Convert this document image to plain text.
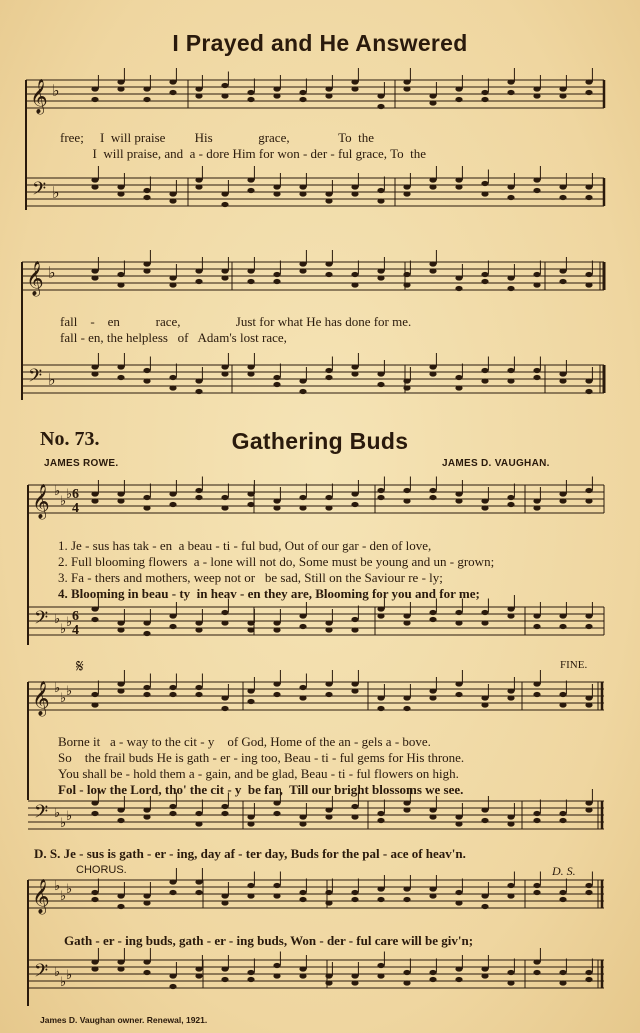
I Prayed and He Answered
𝄞 ♭
free;     I  will praise         His              grace,               To  the
I  will praise, and  a - dore Him for won - der - ful grace, To  the
𝄢 ♭
𝄞 ♭
fall    -    en           race,                 Just for what He has done for me.
fall - en, the helpless   of   Adam's lost race,
𝄢 ♭
No. 73.	Gathering Buds
JAMES ROWE.	JAMES D. VAUGHAN.
𝄞 ♭
♭ ♭ 6
4
1. Je - sus has tak - en  a beau - ti - ful bud, Out of our gar - den of love,
2. Full blooming flowers  a - lone will not do, Some must be young and un - grown;
3. Fa - thers and mothers, weep not or   be sad, Still on the Saviour re - ly;
4. Blooming in beau - ty  in heav - en they are, Blooming for you and for me;
𝄢 ♭
♭ ♭ 6
4
𝄋	FINE.
𝄞 ♭
♭ ♭
Borne it   a - way to the cit - y    of God, Home of the an - gels a - bove.
So    the frail buds He is gath - er - ing too, Beau - ti - ful gems for His throne.
You shall be - hold them a - gain, and be glad, Beau - ti - ful flowers on high.
Fol - low the Lord, tho' the cit - y  be far,  Till our bright blossoms we see.
𝄢 ♭
♭ ♭
D. S. Je - sus is gath - er - ing, day af - ter day, Buds for the pal - ace of heav'n.
CHORUS.	D. S.
𝄞 ♭
♭ ♭
Gath - er - ing buds, gath - er - ing buds, Won - der - ful care will be giv'n;
𝄢 ♭
♭ ♭
James D. Vaughan owner. Renewal, 1921.
